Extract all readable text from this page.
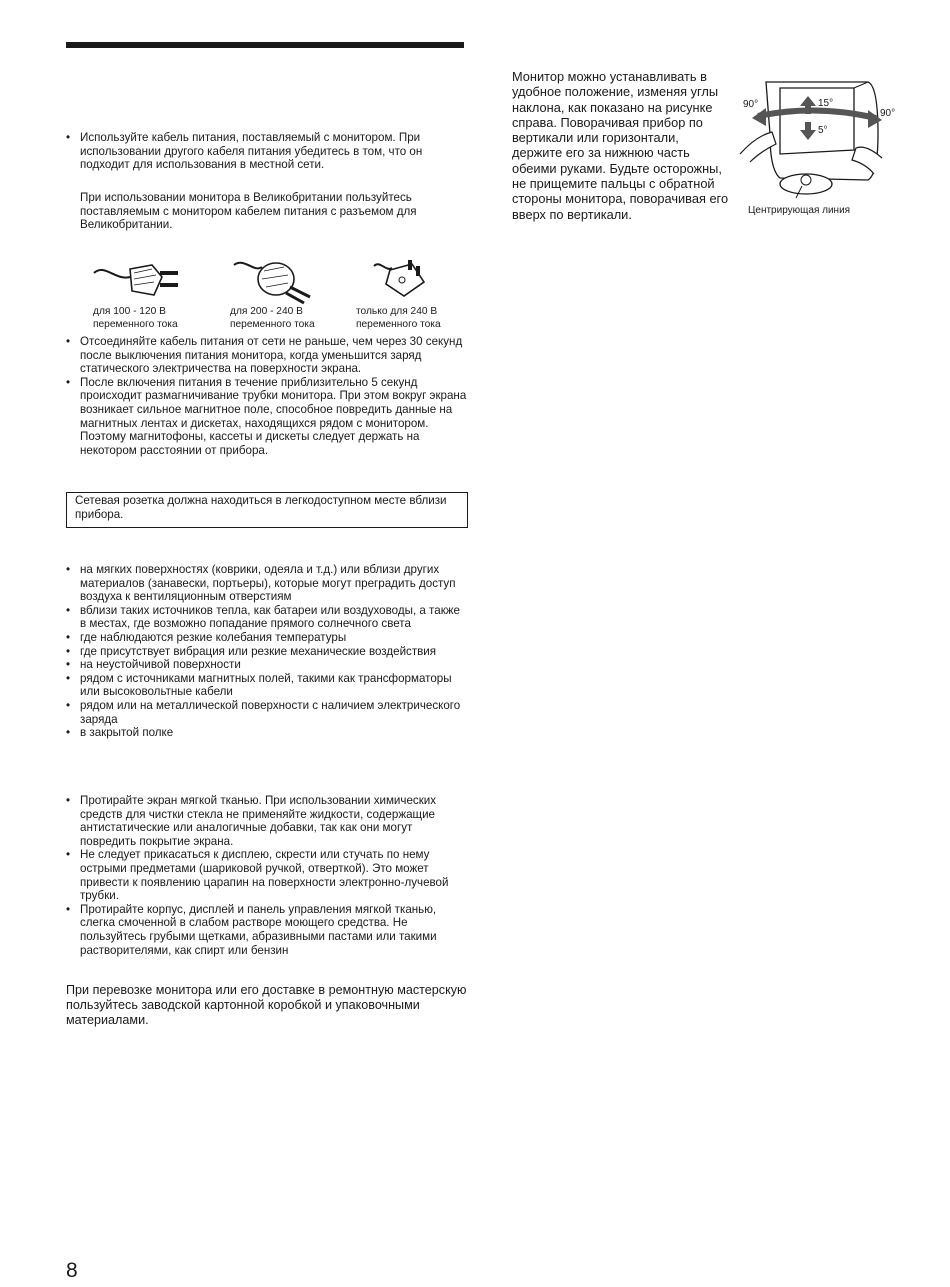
• Используйте кабель питания, поставляемый с монитором. При использовании другого кабеля питания убедитесь в том, что он подходит для использования в местной сети.
При использовании монитора в Великобритании пользуйтесь поставляемым с монитором кабелем питания с разъемом для Великобритании.
для 100 - 120 В
переменного тока
для 200 - 240 В
переменного тока
только для 240 В
переменного тока
• Отсоединяйте кабель питания от сети не раньше, чем через 30 секунд после выключения питания монитора, когда уменьшится заряд статического электричества на поверхности экрана.
• После включения питания в течение приблизительно 5 секунд происходит размагничивание трубки монитора. При этом вокруг экрана возникает сильное магнитное поле, способное повредить данные на магнитных лентах и дискетах, находящихся рядом с монитором. Поэтому магнитофоны, кассеты и дискеты следует держать на некотором расстоянии от прибора.
Сетевая розетка должна находиться в легкодоступном месте вблизи прибора.
• на мягких поверхностях (коврики, одеяла и т.д.) или вблизи других материалов (занавески, портьеры), которые могут преградить доступ воздуха к вентиляционным отверстиям
• вблизи таких источников тепла, как батареи или воздуховоды, а также в местах, где возможно попадание прямого солнечного света
• где наблюдаются резкие колебания температуры
• где присутствует вибрация или резкие механические воздействия
• на неустойчивой поверхности
• рядом с источниками магнитных полей, такими как трансформаторы или высоковольтные кабели
• рядом или на металлической поверхности с наличием электрического заряда
• в закрытой полке
• Протирайте экран мягкой тканью. При использовании химических средств для чистки стекла не применяйте жидкости, содержащие антистатические или аналогичные добавки, так как они могут повредить покрытие экрана.
• Не следует прикасаться к дисплею, скрести или стучать по нему острыми предметами (шариковой ручкой, отверткой). Это может привести к появлению царапин на поверхности электронно-лучевой трубки.
• Протирайте корпус, дисплей и панель управления мягкой тканью, слегка смоченной в слабом растворе моющего средства. Не пользуйтесь грубыми щетками, абразивными пастами или такими растворителями, как спирт или бензин
При перевозке монитора или его доставке в ремонтную мастерскую пользуйтесь заводской картонной коробкой и упаковочными материалами.
Монитор можно устанавливать в удобное положение, изменяя углы наклона, как показано на рисунке справа. Поворачивая прибор по вертикали или горизонтали, держите его за нижнюю часть обеими руками. Будьте осторожны, не прищемите пальцы с обратной стороны монитора, поворачивая его вверх по вертикали.
90°
90°
15°
5°
Центрирующая линия
8
